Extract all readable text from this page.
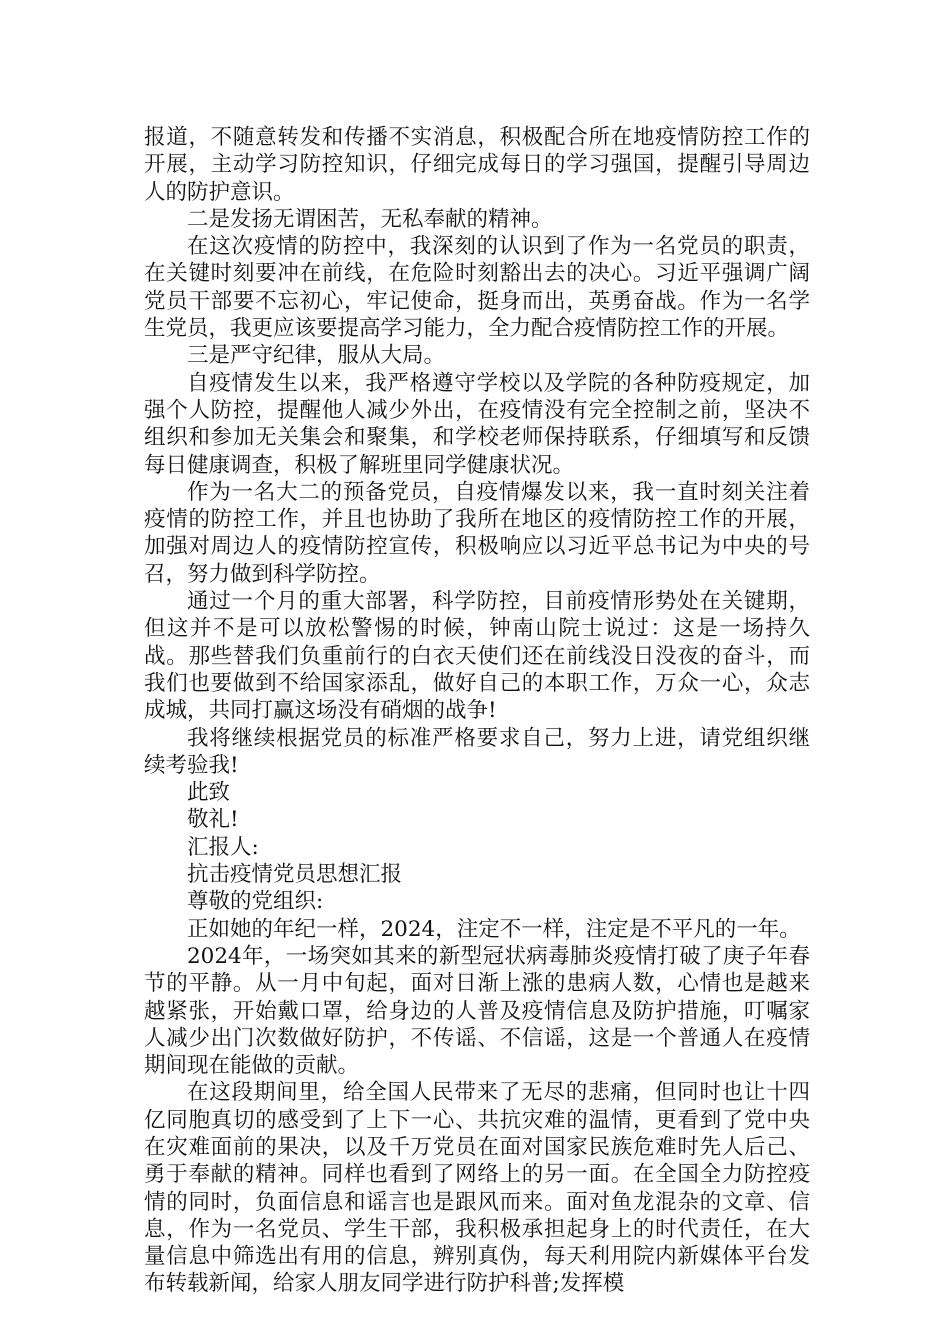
报道，不随意转发和传播不实消息，积极配合所在地疫情防控工作的开展，主动学习防控知识，仔细完成每日的学习强国，提醒引导周边人的防护意识。

二是发扬无谓困苦，无私奉献的精神。

在这次疫情的防控中，我深刻的认识到了作为一名党员的职责，在关键时刻要冲在前线，在危险时刻豁出去的决心。习近平强调广阔党员干部要不忘初心，牢记使命，挺身而出，英勇奋战。作为一名学生党员，我更应该要提高学习能力，全力配合疫情防控工作的开展。

三是严守纪律，服从大局。

自疫情发生以来，我严格遵守学校以及学院的各种防疫规定，加强个人防控，提醒他人减少外出，在疫情没有完全控制之前，坚决不组织和参加无关集会和聚集，和学校老师保持联系，仔细填写和反馈每日健康调查，积极了解班里同学健康状况。

作为一名大二的预备党员，自疫情爆发以来，我一直时刻关注着疫情的防控工作，并且也协助了我所在地区的疫情防控工作的开展，加强对周边人的疫情防控宣传，积极响应以习近平总书记为中央的号召，努力做到科学防控。

通过一个月的重大部署，科学防控，目前疫情形势处在关键期，但这并不是可以放松警惕的时候，钟南山院士说过：这是一场持久战。那些替我们负重前行的白衣天使们还在前线没日没夜的奋斗，而我们也要做到不给国家添乱，做好自己的本职工作，万众一心，众志成城，共同打赢这场没有硝烟的战争!

我将继续根据党员的标准严格要求自己，努力上进，请党组织继续考验我!

此致

敬礼!

汇报人:

抗击疫情党员思想汇报

尊敬的党组织:

正如她的年纪一样，2024，注定不一样，注定是不平凡的一年。

2024年，一场突如其来的新型冠状病毒肺炎疫情打破了庚子年春节的平静。从一月中旬起，面对日渐上涨的患病人数，心情也是越来越紧张，开始戴口罩，给身边的人普及疫情信息及防护措施，叮嘱家人减少出门次数做好防护，不传谣、不信谣，这是一个普通人在疫情期间现在能做的贡献。

在这段期间里，给全国人民带来了无尽的悲痛，但同时也让十四亿同胞真切的感受到了上下一心、共抗灾难的温情，更看到了党中央在灾难面前的果决，以及千万党员在面对国家民族危难时先人后己、勇于奉献的精神。同样也看到了网络上的另一面。在全国全力防控疫情的同时，负面信息和谣言也是跟风而来。面对鱼龙混杂的文章、信息，作为一名党员、学生干部，我积极承担起身上的时代责任，在大量信息中筛选出有用的信息，辨别真伪，每天利用院内新媒体平台发布转载新闻，给家人朋友同学进行防护科普;发挥模
